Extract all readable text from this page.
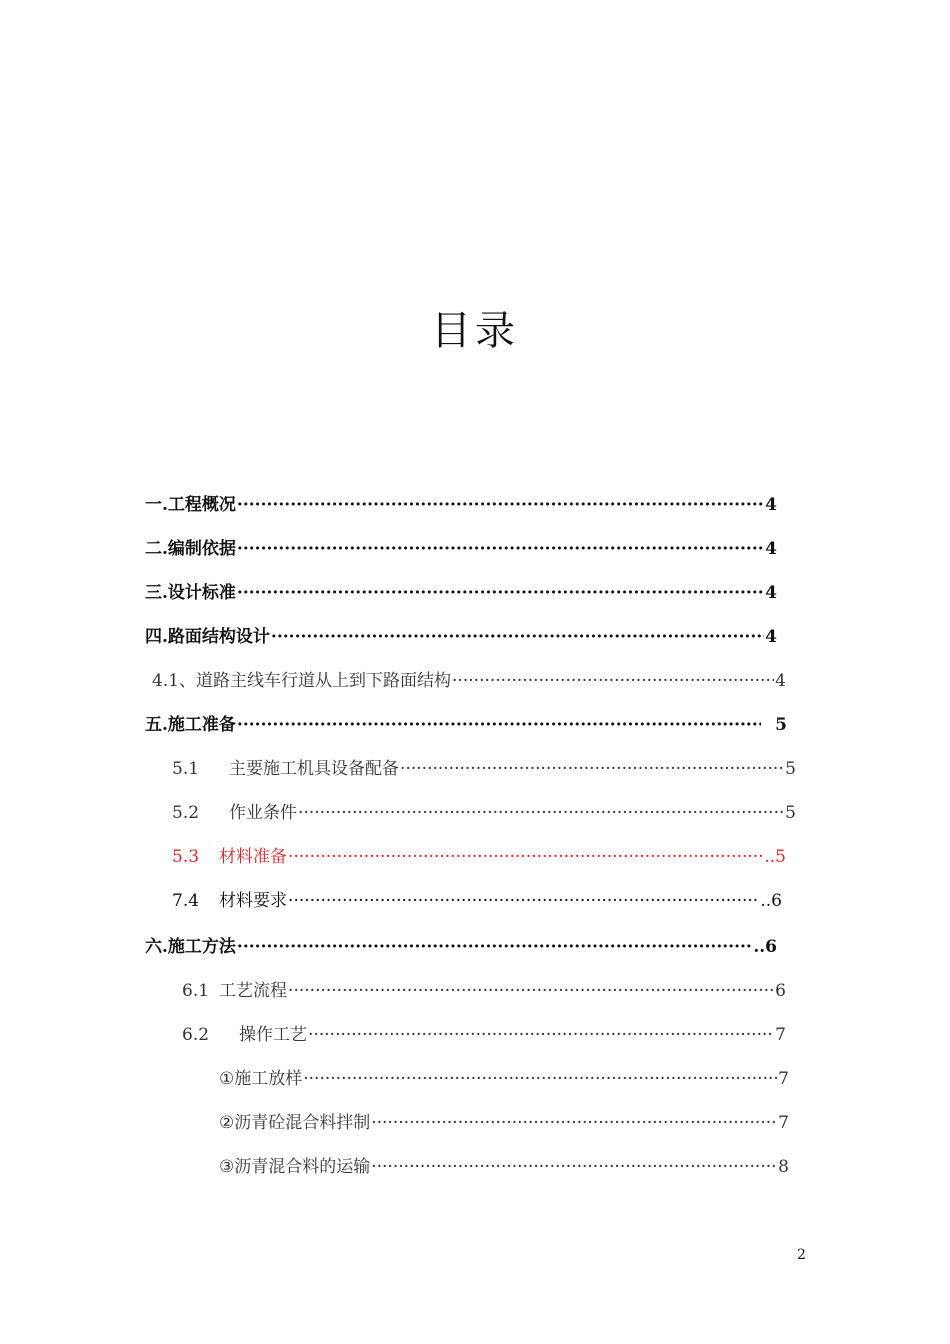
目录
一.工程概况 ·····	4
二.编制依据 ·····	4
三.设计标准 ·····	4
四.路面结构设计 ·····	4
4.1、道路主线车行道从上到下路面结构 ·····	4
五.施工准备 ·····	5
5.1 主要施工机具设备配备 ·····	5
5.2 作业条件 ·····	5
5.3 材料准备 ·····	..5
7.4 材料要求 ·····	..6
六.施工方法 ·····	..6
6.1 工艺流程 ·····	6
6.2 操作工艺 ·····	7
①施工放样 ·····	7
②沥青砼混合料拌制 ·····	7
③沥青混合料的运输 ·····	8
2
